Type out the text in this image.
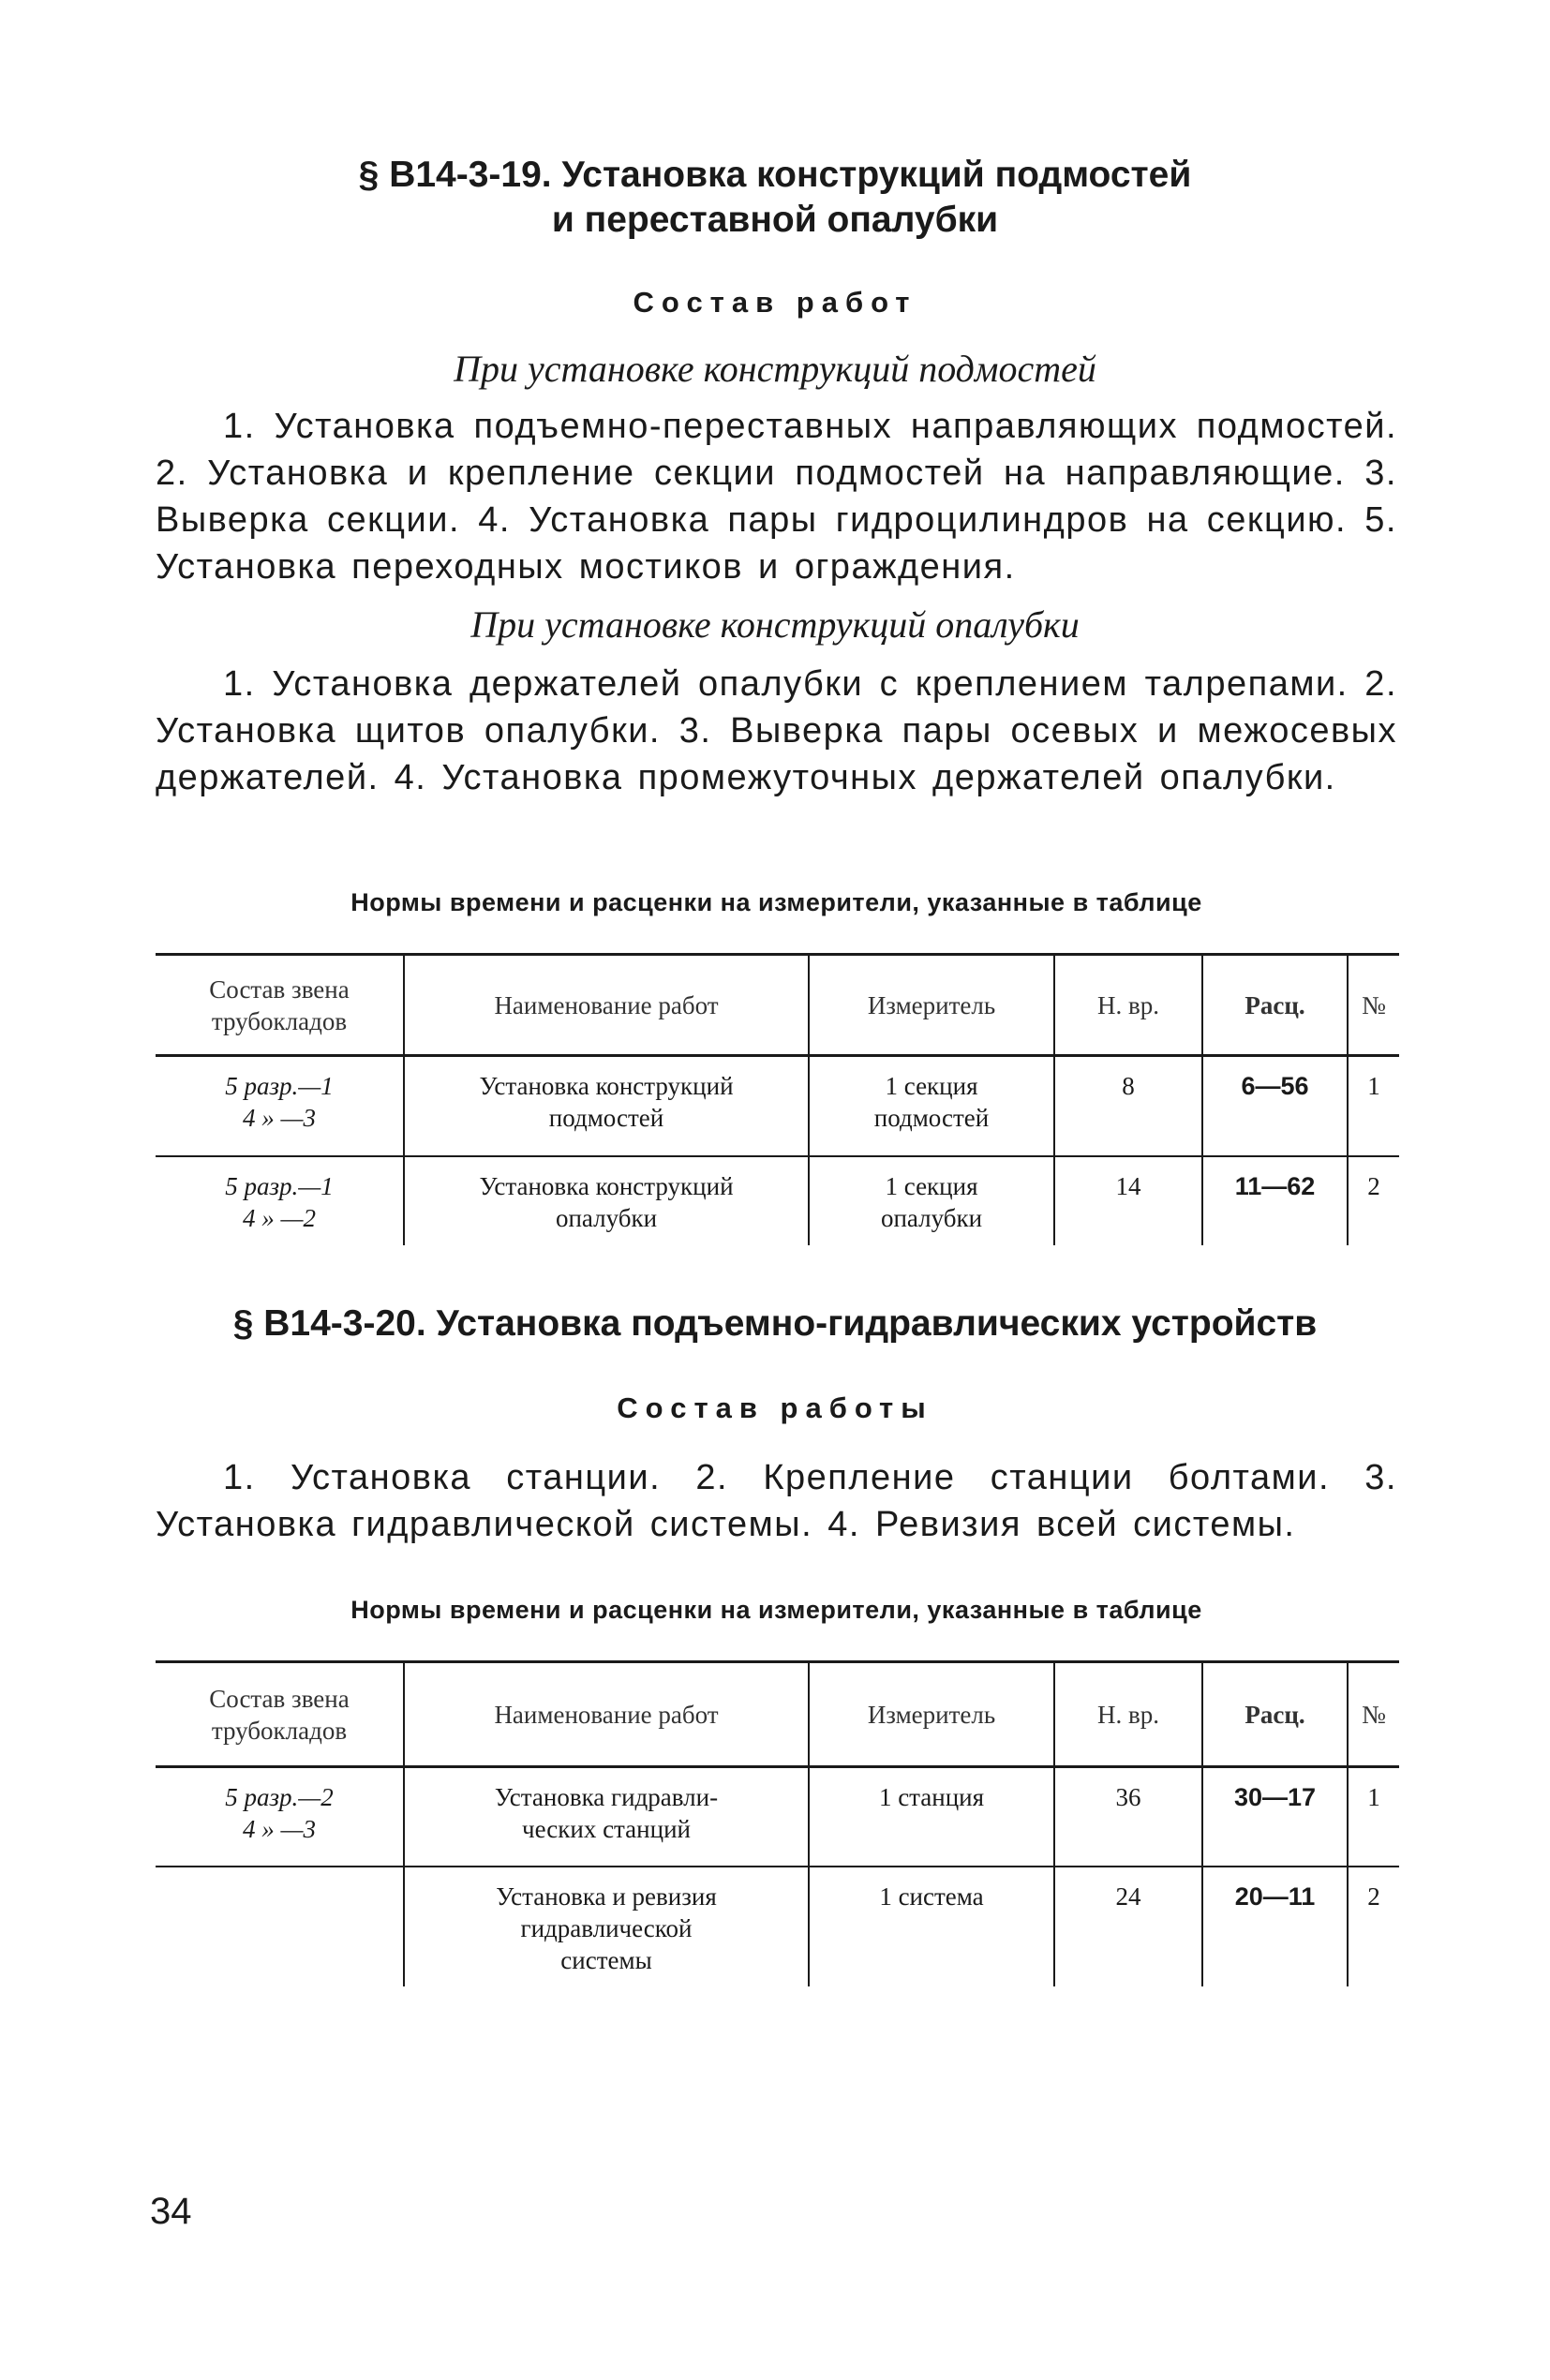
§ В14-3-19. Установка конструкций подмостей
и переставной опалубки

Состав работ

При установке конструкций подмостей

1. Установка подъемно-переставных направляющих подмостей. 2. Установка и крепление секции подмостей на направляющие. 3. Выверка секции. 4. Установка пары гидроцилиндров на секцию. 5. Установка переходных мостиков и ограждения.

При установке конструкций опалубки

1. Установка держателей опалубки с креплением талрепами. 2. Установка щитов опалубки. 3. Выверка пары осевых и межосевых держателей. 4. Установка промежуточных держателей опалубки.

Нормы времени и расценки на измерители, указанные в таблице

Состав звена
трубокладов	Наименование работ	Измеритель	Н. вр.	Расц.	№

5 разр.—1
4 » —3	Установка конструкций
подмостей	1 секция
подмостей	8	6—56	1

5 разр.—1
4 » —2	Установка конструкций
опалубки	1 секция
опалубки	14	11—62	2
§ В14-3-20. Установка подъемно-гидравлических устройств

Состав работы

1. Установка станции. 2. Крепление станции болтами. 3. Установка гидравлической системы. 4. Ревизия всей системы.

Нормы времени и расценки на измерители, указанные в таблице

Состав звена
трубокладов	Наименование работ	Измеритель	Н. вр.	Расц.	№

5 разр.—2
4 » —3	Установка гидравли-
ческих станций	1 станция	36	30—17	1

	Установка и ревизия
гидравлической
системы	1 система	24	20—11	2

34
